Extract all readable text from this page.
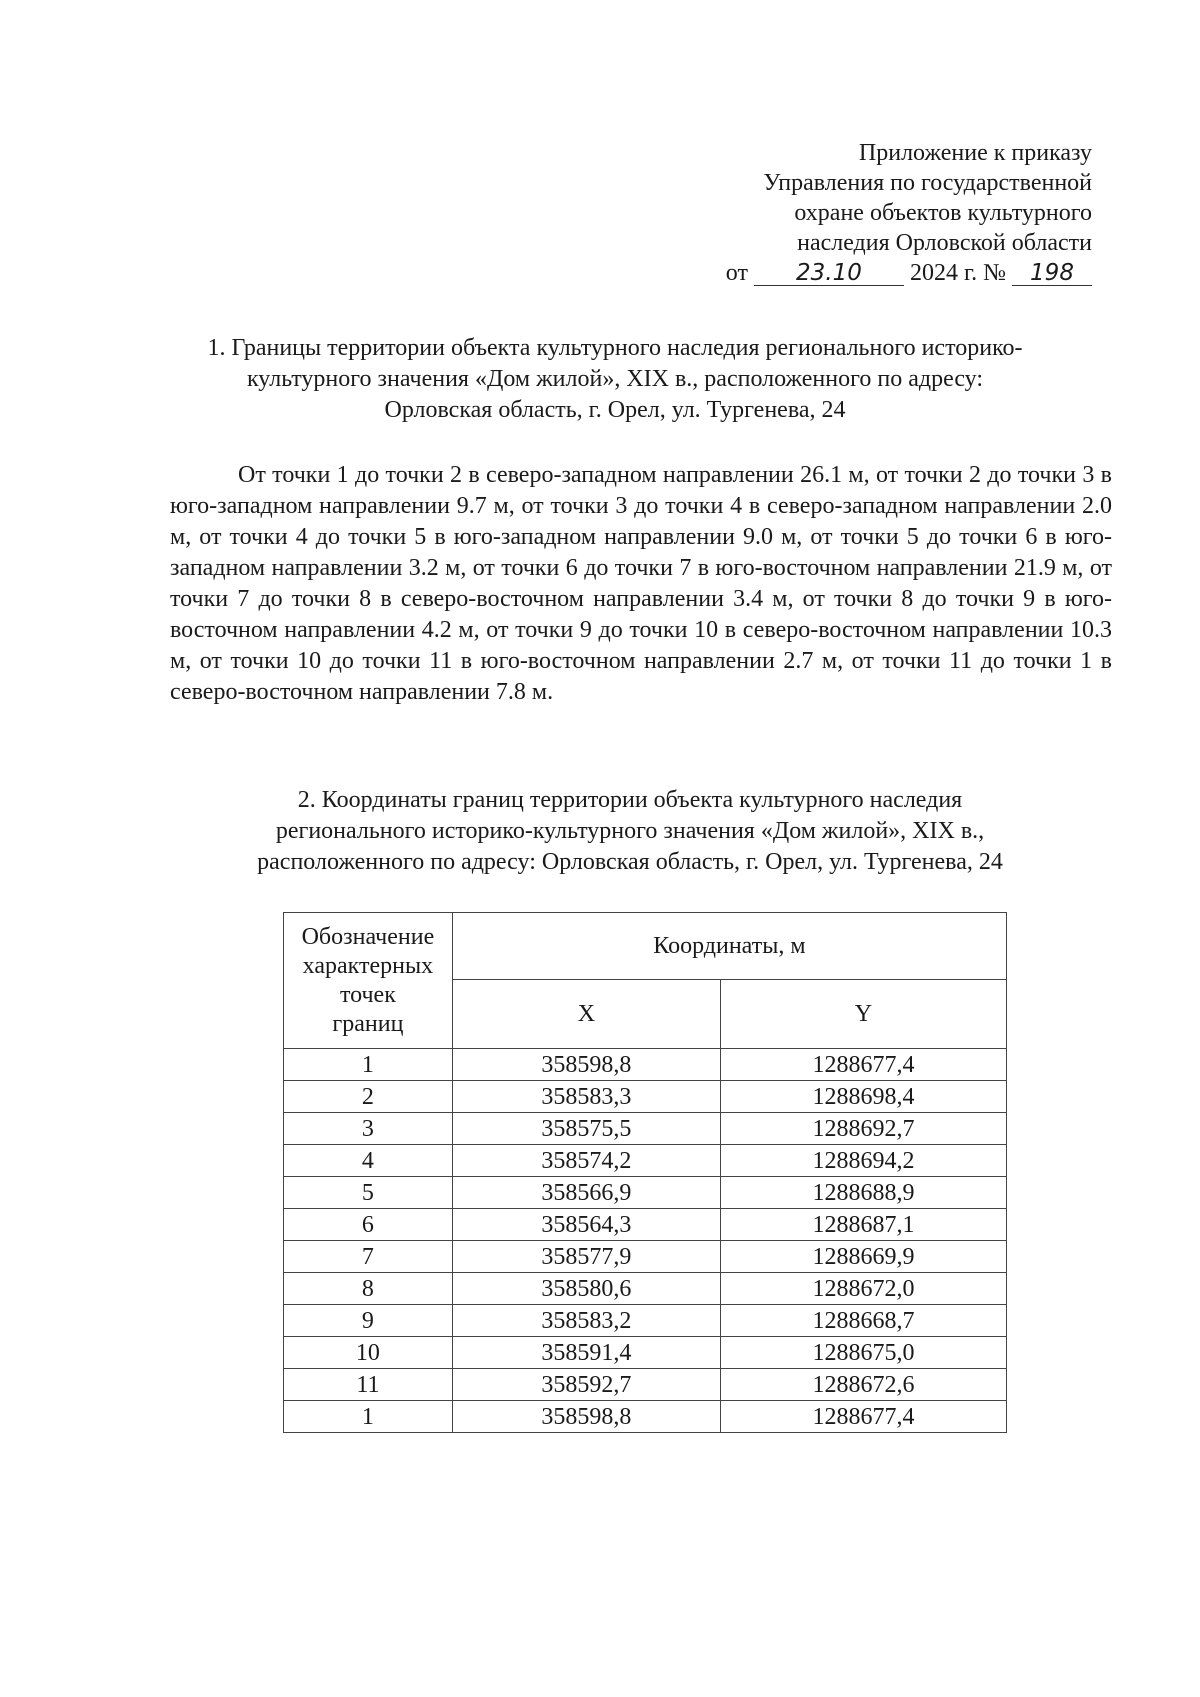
Приложение к приказу
Управления по государственной
охране объектов культурного
наследия Орловской области
от 23.10 2024 г. № 198
1. Границы территории объекта культурного наследия регионального историко-
культурного значения «Дом жилой», XIX в., расположенного по адресу:
Орловская область, г. Орел, ул. Тургенева, 24
От точки 1 до точки 2 в северо-западном направлении 26.1 м, от точки 2 до точки 3 в юго-западном направлении 9.7 м, от точки 3 до точки 4 в северо-западном направлении 2.0 м, от точки 4 до точки 5 в юго-западном направлении 9.0 м, от точки 5 до точки 6 в юго-западном направлении 3.2 м, от точки 6 до точки 7 в юго-восточном направлении 21.9 м, от точки 7 до точки 8 в северо-восточном направлении 3.4 м, от точки 8 до точки 9 в юго-восточном направлении 4.2 м, от точки 9 до точки 10 в северо-восточном направлении 10.3 м, от точки 10 до точки 11 в юго-восточном направлении 2.7 м, от точки 11 до точки 1 в северо-восточном направлении 7.8 м.
2. Координаты границ территории объекта культурного наследия
регионального историко-культурного значения «Дом жилой», XIX в.,
расположенного по адресу: Орловская область, г. Орел, ул. Тургенева, 24
Обозначение
характерных
точек
границ	Координаты, м	
	X	Y
1	358598,8	1288677,4
2	358583,3	1288698,4
3	358575,5	1288692,7
4	358574,2	1288694,2
5	358566,9	1288688,9
6	358564,3	1288687,1
7	358577,9	1288669,9
8	358580,6	1288672,0
9	358583,2	1288668,7
10	358591,4	1288675,0
11	358592,7	1288672,6
1	358598,8	1288677,4
